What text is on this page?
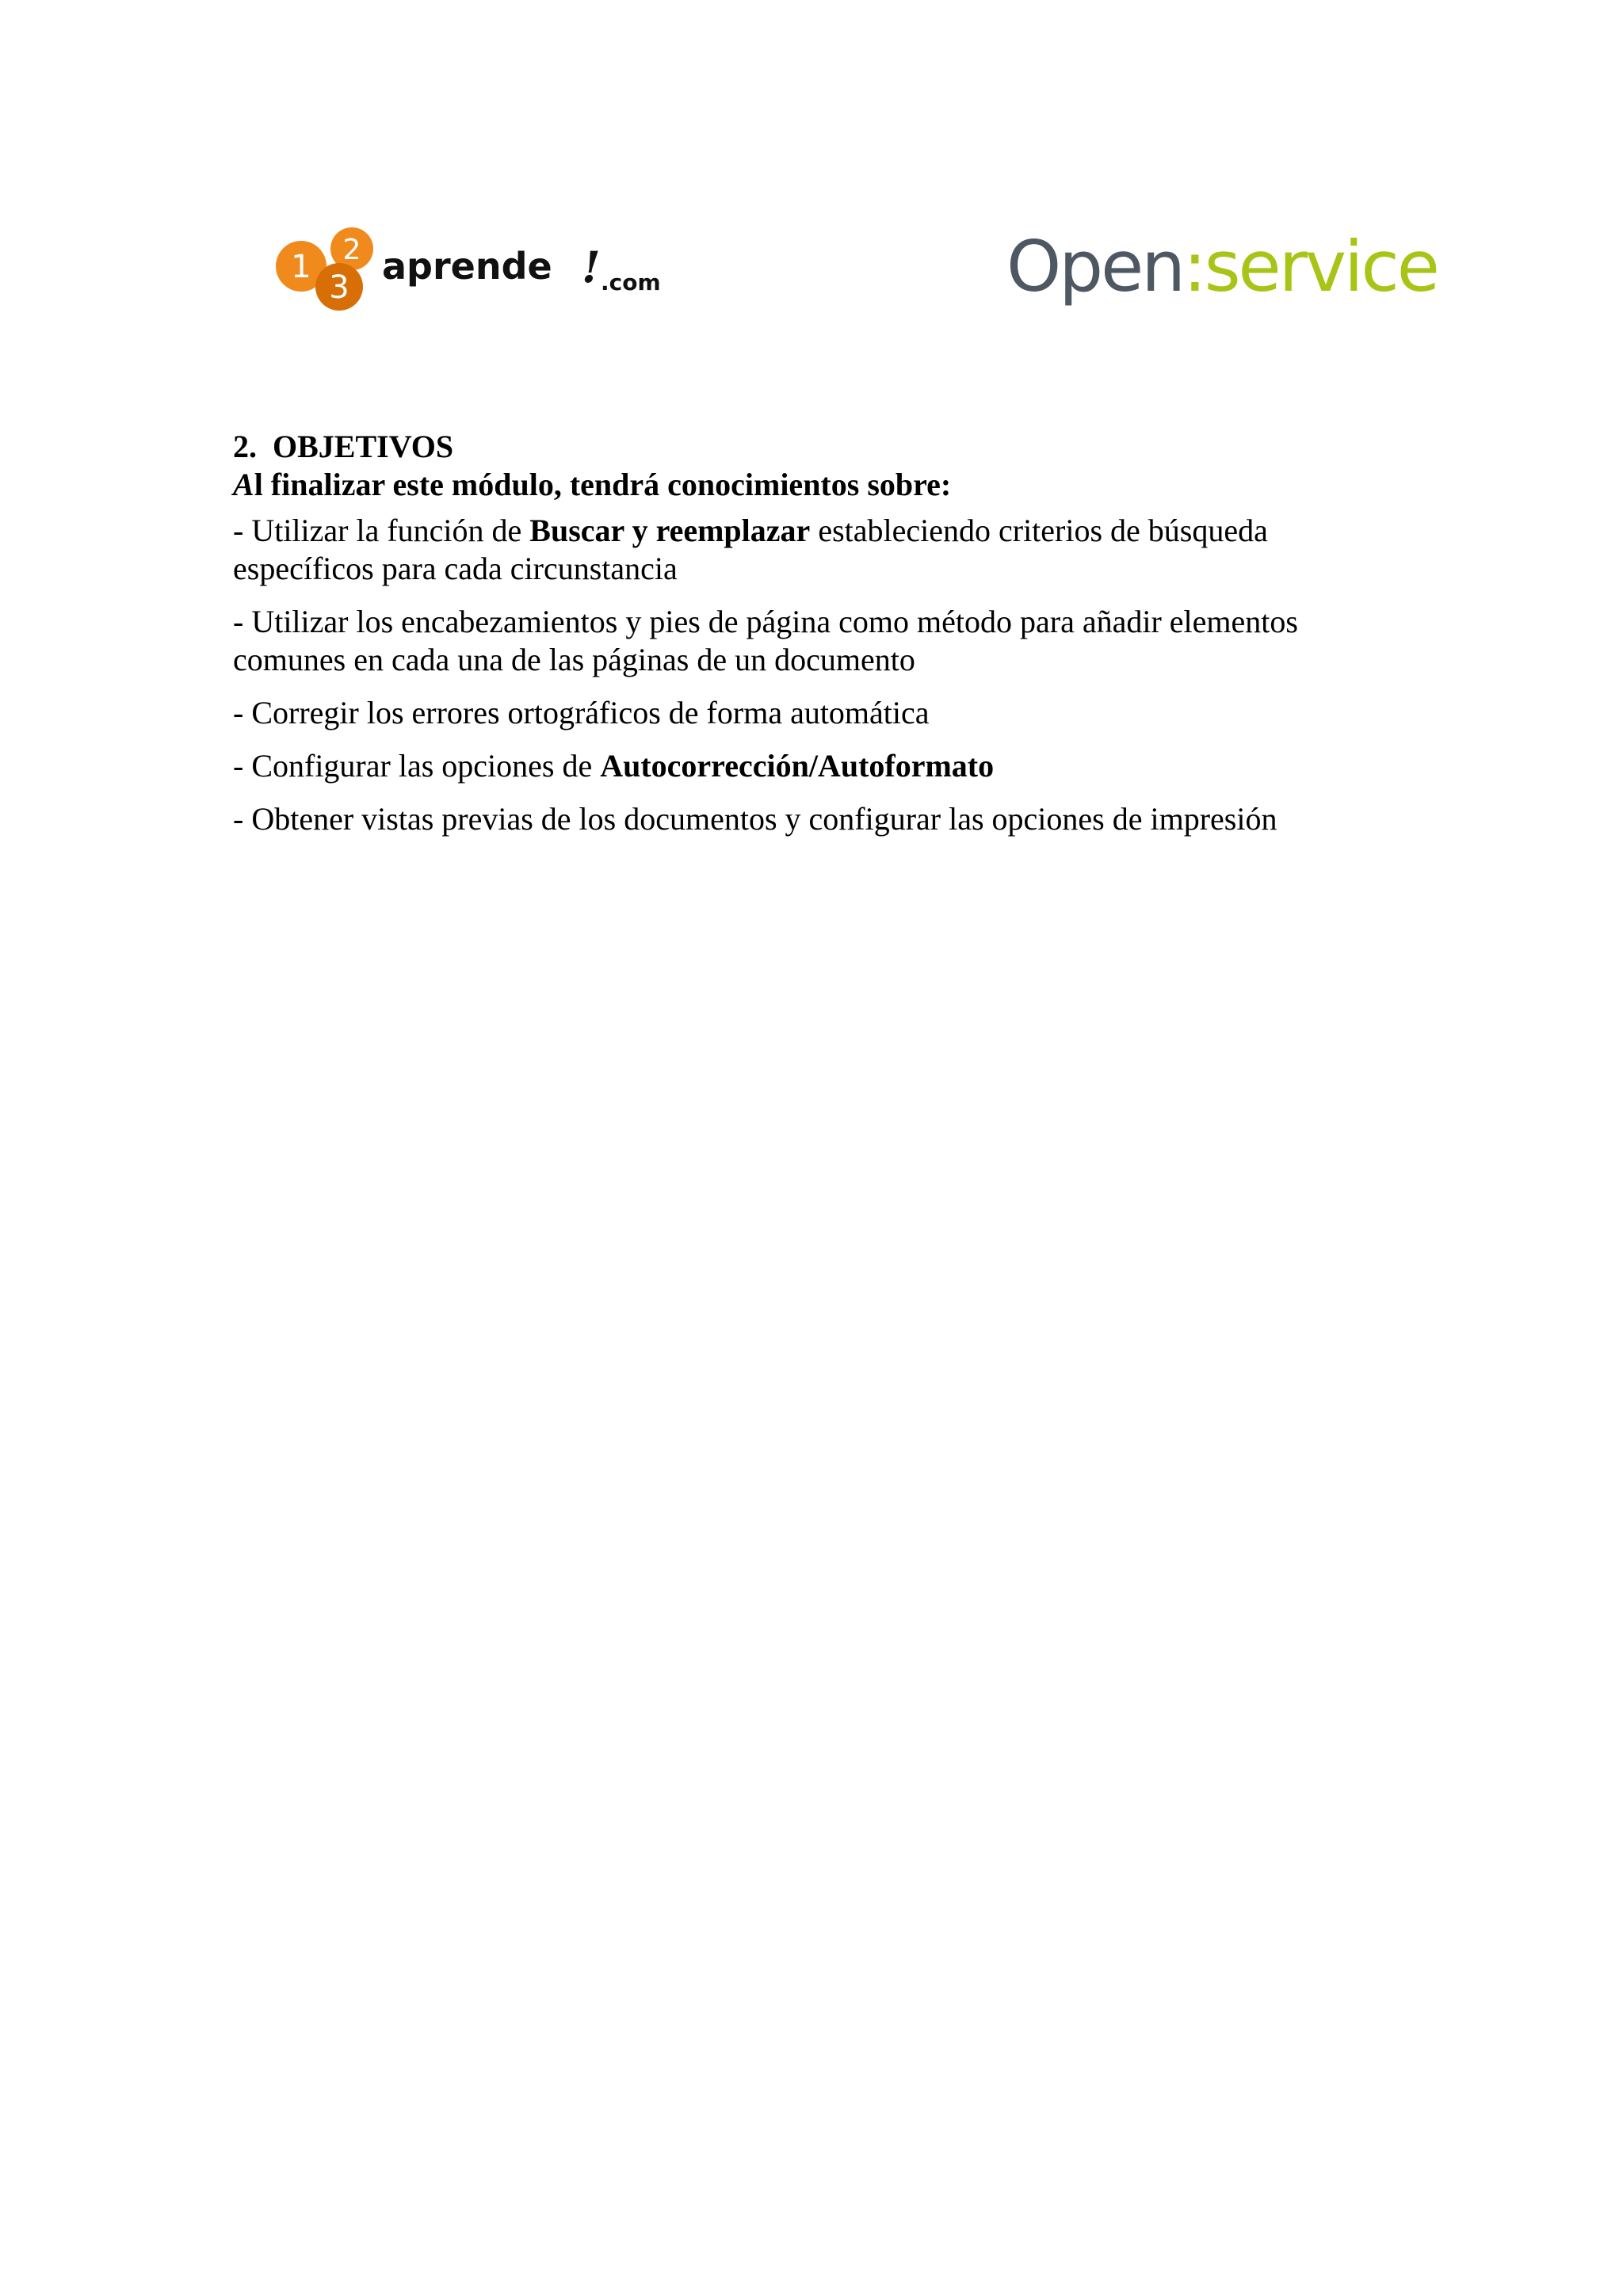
1 2
3 aprende ! .com	Open:service

2. OBJETIVOS

Al finalizar este módulo, tendrá conocimientos sobre:

- Utilizar la función de Buscar y reemplazar estableciendo criterios de búsqueda específicos para cada circunstancia

- Utilizar los encabezamientos y pies de página como método para añadir elementos comunes en cada una de las páginas de un documento

- Corregir los errores ortográficos de forma automática

- Configurar las opciones de Autocorrección/Autoformato

- Obtener vistas previas de los documentos y configurar las opciones de impresión
